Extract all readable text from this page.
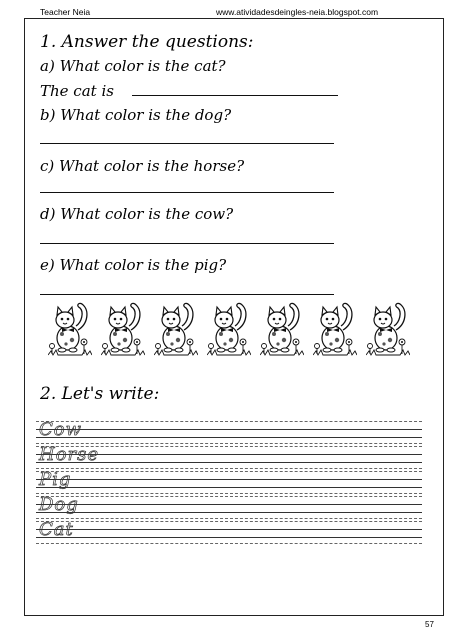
Teacher Neia	www.atividadesdeingles-neia.blogspot.com
1. Answer the questions:
a) What color is the cat?
The cat is
b) What color is the dog?
c) What color is the horse?
d) What color is the cow?
e) What color is the pig?
2. Let's write:
Cow
Horse
Pig
Dog
Cat
57
